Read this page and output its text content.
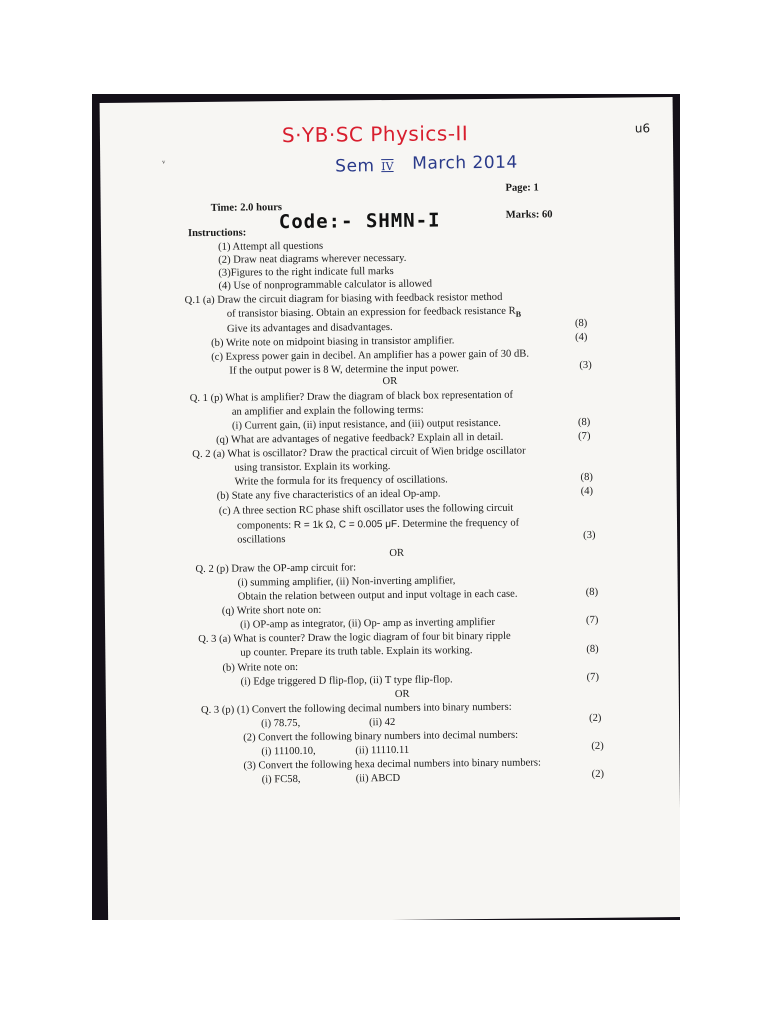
S·YB·SC Physics-II
Sem IV March 2014
Code:- SHMN-I
u6
ᵛ
Page: 1
Time: 2.0 hours
Marks: 60
Instructions:
(1) Attempt all questions
(2) Draw neat diagrams wherever necessary.
(3)Figures to the right indicate full marks
(4) Use of nonprogrammable calculator is allowed
Q.1 (a) Draw the circuit diagram for biasing with feedback resistor method
of transistor biasing. Obtain an expression for feedback resistance $R_B$
Give its advantages and disadvantages.	(8)
(b) Write note on midpoint biasing in transistor amplifier.	(4)
(c) Express power gain in decibel. An amplifier has a power gain of 30 dB.
If the output power is 8 W, determine the input power.	(3)
OR
Q. 1 (p) What is amplifier? Draw the diagram of black box representation of
an amplifier and explain the following terms:
(i) Current gain, (ii) input resistance, and (iii) output resistance.	(8)
(q) What are advantages of negative feedback? Explain all in detail.	(7)
Q. 2 (a) What is oscillator? Draw the practical circuit of Wien bridge oscillator
using transistor. Explain its working.
Write the formula for its frequency of oscillations.	(8)
(b) State any five characteristics of an ideal Op-amp.	(4)
(c) A three section RC phase shift oscillator uses the following circuit
components: R = 1k Ω, C = 0.005 μF. Determine the frequency of
oscillations	(3)
OR
Q. 2 (p) Draw the OP-amp circuit for:
(i) summing amplifier, (ii) Non-inverting amplifier,
Obtain the relation between output and input voltage in each case.	(8)
(q) Write short note on:
(i) OP-amp as integrator, (ii) Op- amp as inverting amplifier	(7)
Q. 3 (a) What is counter? Draw the logic diagram of four bit binary ripple
up counter. Prepare its truth table. Explain its working.	(8)
(b) Write note on:
(i) Edge triggered D flip-flop, (ii) T type flip-flop.	(7)
OR
Q. 3 (p) (1) Convert the following decimal numbers into binary numbers:
(i) 78.75,	(ii) 42	(2)
(2) Convert the following binary numbers into decimal numbers:
(i) 11100.10,	(ii) 11110.11	(2)
(3) Convert the following hexa decimal numbers into binary numbers:
(i) FC58,	(ii) ABCD	(2)
